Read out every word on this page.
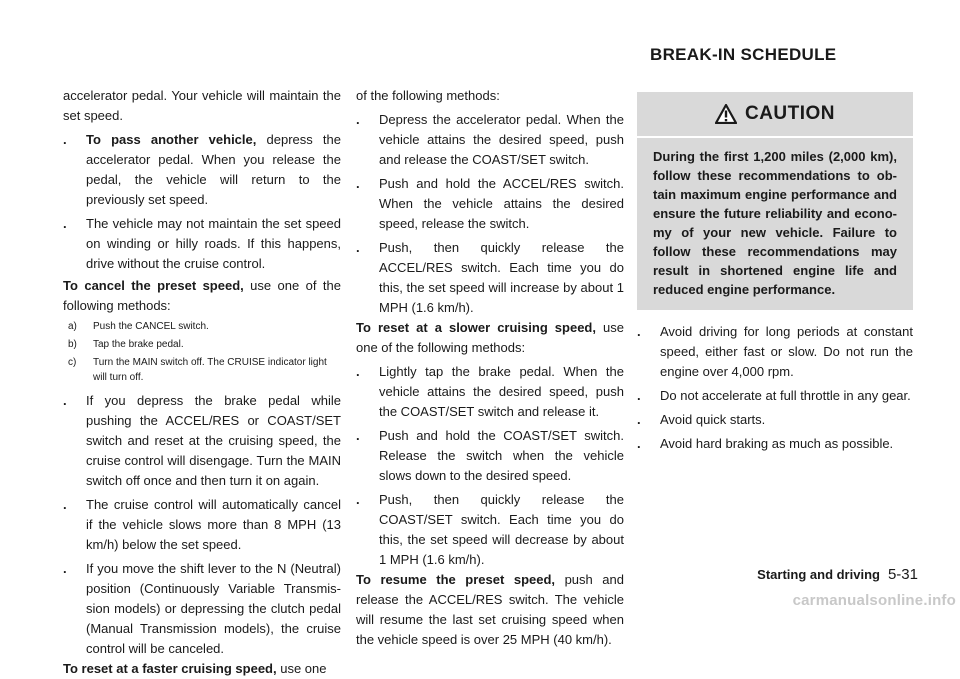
BREAK-IN SCHEDULE

accelerator pedal. Your vehicle will maintain the set speed.

.	To pass another vehicle, depress the accelerator pedal. When you release the pedal, the vehicle will return to the previously set speed.
.	The vehicle may not maintain the set speed on winding or hilly roads. If this happens, drive without the cruise control.

To cancel the preset speed, use one of the following methods:

a)	Push the CANCEL switch.
b)	Tap the brake pedal.
c)	Turn the MAIN switch off. The CRUISE indicator light will turn off.
.	If you depress the brake pedal while pushing the ACCEL/RES or COAST/SET switch and reset at the cruising speed, the cruise control will disengage. Turn the MAIN switch off once and then turn it on again.
.	The cruise control will automatically cancel if the vehicle slows more than 8 MPH (13 km/h) below the set speed.
.	If you move the shift lever to the N (Neutral) position (Continuously Variable Transmis-sion models) or depressing the clutch pedal (Manual Transmission models), the cruise control will be canceled.

To reset at a faster cruising speed, use one

of the following methods:

.	Depress the accelerator pedal. When the vehicle attains the desired speed, push and release the COAST/SET switch.
.	Push and hold the ACCEL/RES switch. When the vehicle attains the desired speed, release the switch.
.	Push, then quickly release the ACCEL/RES switch. Each time you do this, the set speed will increase by about 1 MPH (1.6 km/h).

To reset at a slower cruising speed, use one of the following methods:

.	Lightly tap the brake pedal. When the vehicle attains the desired speed, push the COAST/SET switch and release it.
.	Push and hold the COAST/SET switch. Release the switch when the vehicle slows down to the desired speed.
.	Push, then quickly release the COAST/SET switch. Each time you do this, the set speed will decrease by about 1 MPH (1.6 km/h).

To resume the preset speed, push and release the ACCEL/RES switch. The vehicle will resume the last set cruising speed when the vehicle speed is over 25 MPH (40 km/h).

CAUTION
During the first 1,200 miles (2,000 km), follow these recommendations to ob-tain maximum engine performance and ensure the future reliability and econo-my of your new vehicle. Failure to follow these recommendations may result in shortened engine life and reduced engine performance.
.	Avoid driving for long periods at constant speed, either fast or slow. Do not run the engine over 4,000 rpm.
.	Do not accelerate at full throttle in any gear.
.	Avoid quick starts.
.	Avoid hard braking as much as possible.
Starting and driving 5-31
carmanualsonline.info
